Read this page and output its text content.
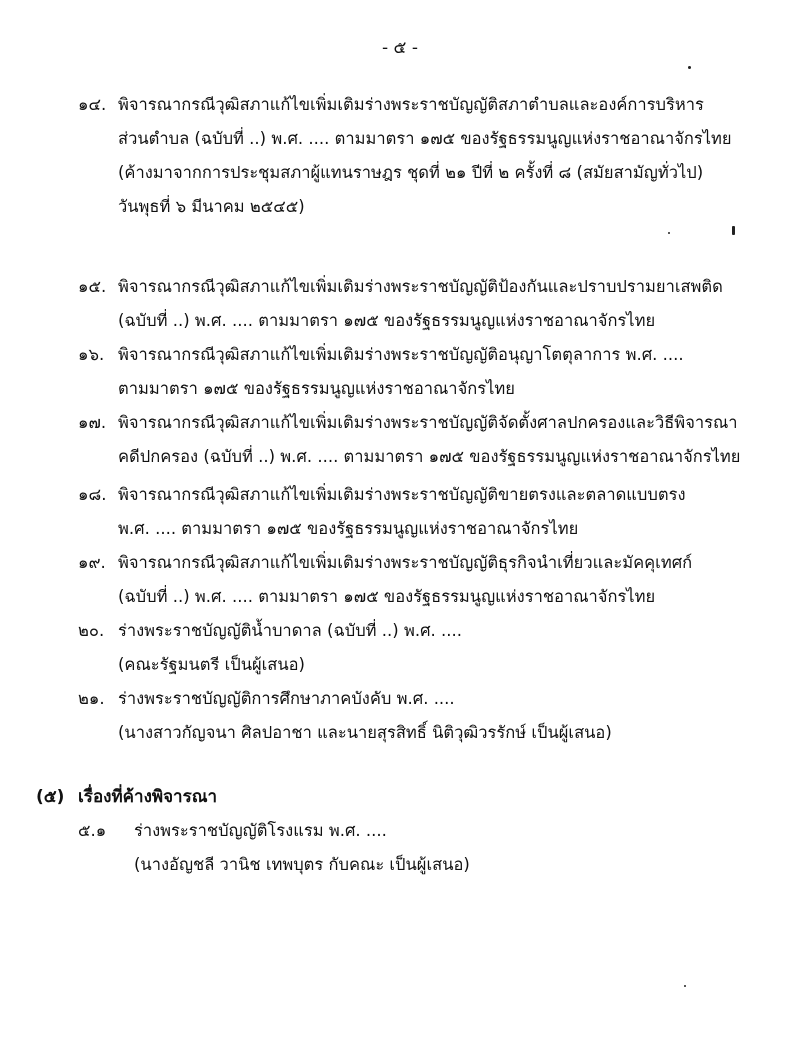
- ๕ -
๑๔. พิจารณากรณีวุฒิสภาแก้ไขเพิ่มเติมร่างพระราชบัญญัติสภาตำบลและองค์การบริหาร
ส่วนตำบล (ฉบับที่ ..) พ.ศ. .... ตามมาตรา ๑๗๕ ของรัฐธรรมนูญแห่งราชอาณาจักรไทย
(ค้างมาจากการประชุมสภาผู้แทนราษฎร ชุดที่ ๒๑ ปีที่ ๒ ครั้งที่ ๘ (สมัยสามัญทั่วไป)
วันพุธที่ ๖ มีนาคม ๒๕๔๕)
๑๕. พิจารณากรณีวุฒิสภาแก้ไขเพิ่มเติมร่างพระราชบัญญัติป้องกันและปราบปรามยาเสพติด
(ฉบับที่ ..) พ.ศ. .... ตามมาตรา ๑๗๕ ของรัฐธรรมนูญแห่งราชอาณาจักรไทย
๑๖. พิจารณากรณีวุฒิสภาแก้ไขเพิ่มเติมร่างพระราชบัญญัติอนุญาโตตุลาการ พ.ศ. ....
ตามมาตรา ๑๗๕ ของรัฐธรรมนูญแห่งราชอาณาจักรไทย
๑๗. พิจารณากรณีวุฒิสภาแก้ไขเพิ่มเติมร่างพระราชบัญญัติจัดตั้งศาลปกครองและวิธีพิจารณา
คดีปกครอง (ฉบับที่ ..) พ.ศ. .... ตามมาตรา ๑๗๕ ของรัฐธรรมนูญแห่งราชอาณาจักรไทย
๑๘. พิจารณากรณีวุฒิสภาแก้ไขเพิ่มเติมร่างพระราชบัญญัติขายตรงและตลาดแบบตรง
พ.ศ. .... ตามมาตรา ๑๗๕ ของรัฐธรรมนูญแห่งราชอาณาจักรไทย
๑๙. พิจารณากรณีวุฒิสภาแก้ไขเพิ่มเติมร่างพระราชบัญญัติธุรกิจนำเที่ยวและมัคคุเทศก์
(ฉบับที่ ..) พ.ศ. .... ตามมาตรา ๑๗๕ ของรัฐธรรมนูญแห่งราชอาณาจักรไทย
๒๐. ร่างพระราชบัญญัติน้ำบาดาล (ฉบับที่ ..) พ.ศ. ....
(คณะรัฐมนตรี เป็นผู้เสนอ)
๒๑. ร่างพระราชบัญญัติการศึกษาภาคบังคับ พ.ศ. ....
(นางสาวกัญจนา ศิลปอาชา และนายสุรสิทธิ์ นิติวุฒิวรรักษ์ เป็นผู้เสนอ)
(๕) เรื่องที่ค้างพิจารณา
๕.๑ ร่างพระราชบัญญัติโรงแรม พ.ศ. ....
(นางอัญชลี วานิช เทพบุตร กับคณะ เป็นผู้เสนอ)
